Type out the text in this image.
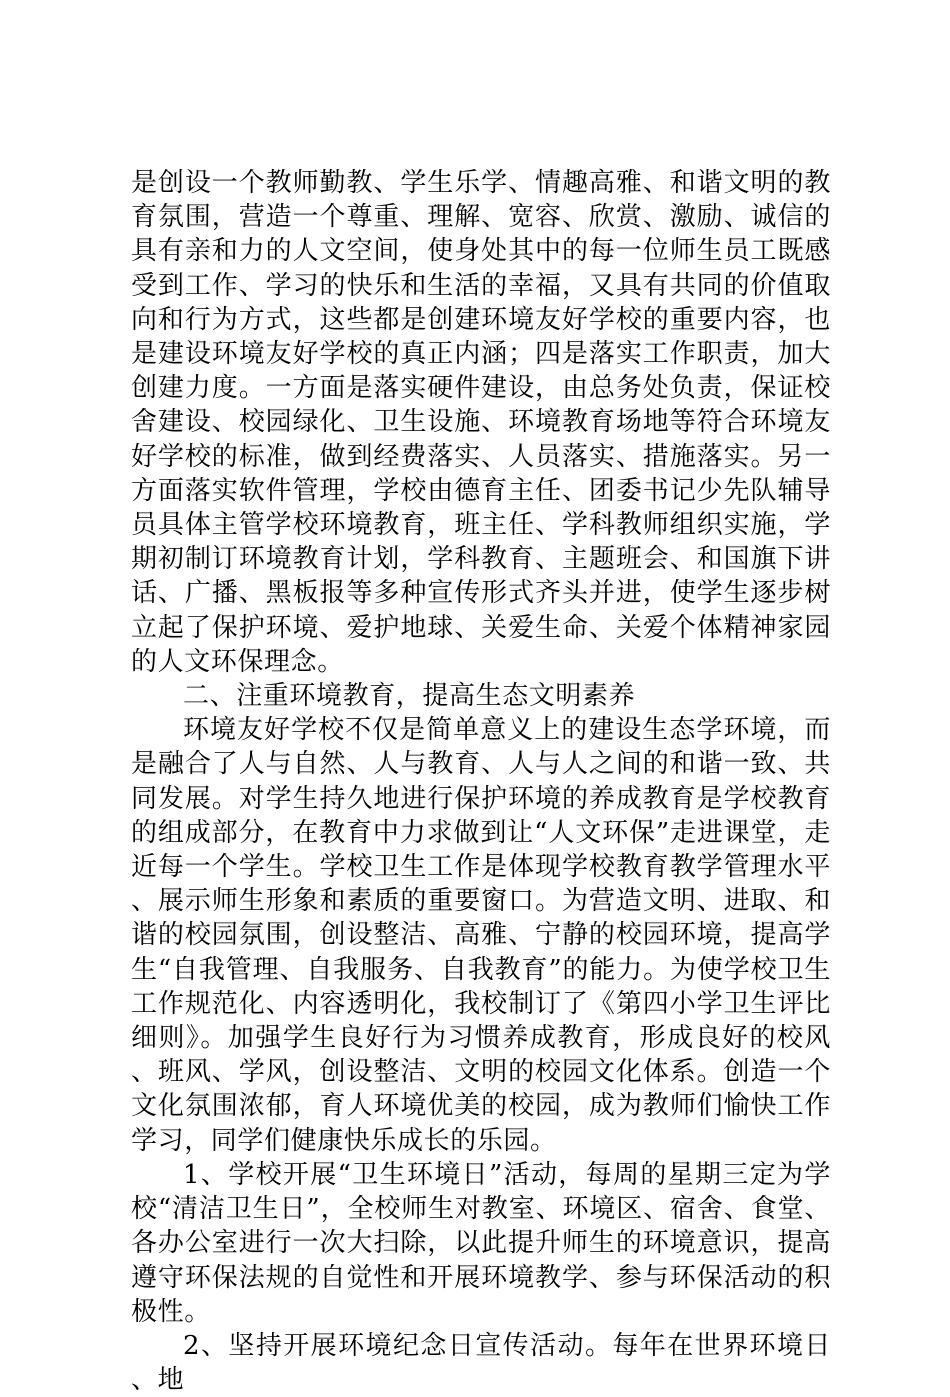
是创设一个教师勤教、学生乐学、情趣高雅、和谐文明的教育氛围，营造一个尊重、理解、宽容、欣赏、激励、诚信的具有亲和力的人文空间，使身处其中的每一位师生员工既感受到工作、学习的快乐和生活的幸福，又具有共同的价值取向和行为方式，这些都是创建环境友好学校的重要内容，也是建设环境友好学校的真正内涵；四是落实工作职责，加大创建力度。一方面是落实硬件建设，由总务处负责，保证校舍建设、校园绿化、卫生设施、环境教育场地等符合环境友好学校的标准，做到经费落实、人员落实、措施落实。另一方面落实软件管理，学校由德育主任、团委书记少先队辅导员具体主管学校环境教育，班主任、学科教师组织实施，学期初制订环境教育计划，学科教育、主题班会、和国旗下讲话、广播、黑板报等多种宣传形式齐头并进，使学生逐步树立起了保护环境、爱护地球、关爱生命、关爱个体精神家园的人文环保理念。

二、注重环境教育，提高生态文明素养

环境友好学校不仅是简单意义上的建设生态学环境，而是融合了人与自然、人与教育、人与人之间的和谐一致、共同发展。对学生持久地进行保护环境的养成教育是学校教育的组成部分，在教育中力求做到让“人文环保”走进课堂，走近每一个学生。学校卫生工作是体现学校教育教学管理水平、展示师生形象和素质的重要窗口。为营造文明、进取、和谐的校园氛围，创设整洁、高雅、宁静的校园环境，提高学生“自我管理、自我服务、自我教育”的能力。为使学校卫生工作规范化、内容透明化，我校制订了《第四小学卫生评比细则》。加强学生良好行为习惯养成教育，形成良好的校风、班风、学风，创设整洁、文明的校园文化体系。创造一个文化氛围浓郁，育人环境优美的校园，成为教师们愉快工作学习，同学们健康快乐成长的乐园。

1、学校开展“卫生环境日”活动，每周的星期三定为学校“清洁卫生日”，全校师生对教室、环境区、宿舍、食堂、各办公室进行一次大扫除，以此提升师生的环境意识，提高遵守环保法规的自觉性和开展环境教学、参与环保活动的积极性。

2、坚持开展环境纪念日宣传活动。每年在世界环境日、地
